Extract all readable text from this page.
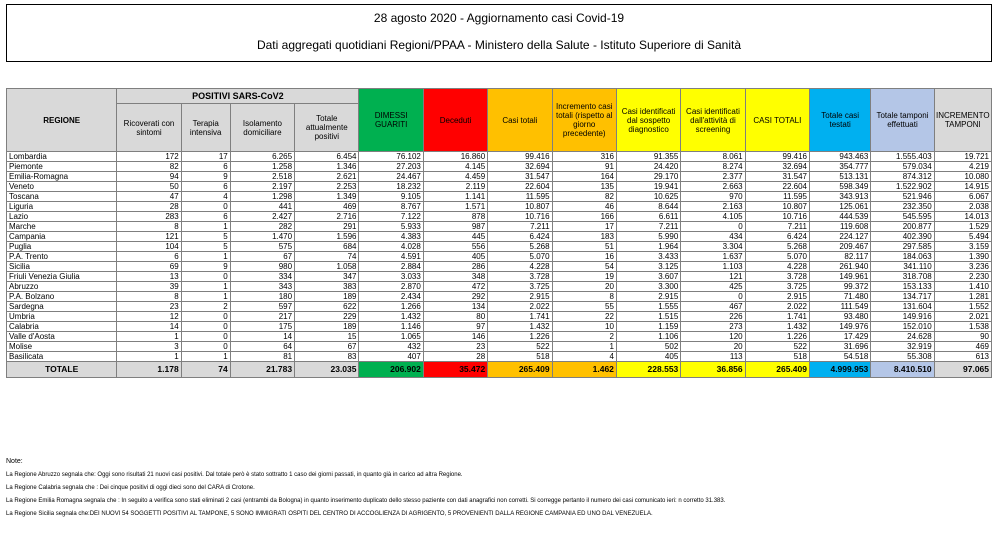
28 agosto 2020 - Aggiornamento casi Covid-19
Dati aggregati quotidiani Regioni/PPAA - Ministero della Salute - Istituto Superiore di Sanità
REGIONE	POSITIVI SARS-CoV2				DIMESSI GUARITI	Deceduti	Casi totali	Incremento casi totali (rispetto al giorno precedente)	Casi identificati dal sospetto diagnostico	Casi identificati dall'attività di screening	CASI TOTALI	Totale casi testati	Totale tamponi effettuati	INCREMENTO TAMPONI
	Ricoverati con sintomi	Terapia intensiva	Isolamento domiciliare	Totale attualmente positivi										
Lombardia	172	17	6.265	6.454	76.102	16.860	99.416	316	91.355	8.061	99.416	943.463	1.555.403	19.721
Piemonte	82	6	1.258	1.346	27.203	4.145	32.694	91	24.420	8.274	32.694	354.777	579.034	4.219
Emilia-Romagna	94	9	2.518	2.621	24.467	4.459	31.547	164	29.170	2.377	31.547	513.131	874.312	10.080
Veneto	50	6	2.197	2.253	18.232	2.119	22.604	135	19.941	2.663	22.604	598.349	1.522.902	14.915
Toscana	47	4	1.298	1.349	9.105	1.141	11.595	82	10.625	970	11.595	343.913	521.946	6.067
Liguria	28	0	441	469	8.767	1.571	10.807	46	8.644	2.163	10.807	125.061	232.350	2.038
Lazio	283	6	2.427	2.716	7.122	878	10.716	166	6.611	4.105	10.716	444.539	545.595	14.013
Marche	8	1	282	291	5.933	987	7.211	17	7.211	0	7.211	119.608	200.877	1.529
Campania	121	5	1.470	1.596	4.383	445	6.424	183	5.990	434	6.424	224.127	402.390	5.494
Puglia	104	5	575	684	4.028	556	5.268	51	1.964	3.304	5.268	209.467	297.585	3.159
P.A. Trento	6	1	67	74	4.591	405	5.070	16	3.433	1.637	5.070	82.117	184.063	1.390
Sicilia	69	9	980	1.058	2.884	286	4.228	54	3.125	1.103	4.228	261.940	341.110	3.236
Friuli Venezia Giulia	13	0	334	347	3.033	348	3.728	19	3.607	121	3.728	149.961	318.708	2.230
Abruzzo	39	1	343	383	2.870	472	3.725	20	3.300	425	3.725	99.372	153.133	1.410
P.A. Bolzano	8	1	180	189	2.434	292	2.915	8	2.915	0	2.915	71.480	134.717	1.281
Sardegna	23	2	597	622	1.266	134	2.022	55	1.555	467	2.022	111.549	131.604	1.552
Umbria	12	0	217	229	1.432	80	1.741	22	1.515	226	1.741	93.480	149.916	2.021
Calabria	14	0	175	189	1.146	97	1.432	10	1.159	273	1.432	149.976	152.010	1.538
Valle d'Aosta	1	0	14	15	1.065	146	1.226	2	1.106	120	1.226	17.429	24.628	90
Molise	3	0	64	67	432	23	522	1	502	20	522	31.696	32.919	469
Basilicata	1	1	81	83	407	28	518	4	405	113	518	54.518	55.308	613
TOTALE	1.178	74	21.783	23.035	206.902	35.472	265.409	1.462	228.553	36.856	265.409	4.999.953	8.410.510	97.065
Note:
La Regione Abruzzo segnala che: Oggi sono risultati 21 nuovi casi positivi. Dal totale però è stato sottratto 1 caso dei giorni passati, in quanto già in carico ad altra Regione.
La Regione Calabria segnala che : Dei cinque positivi di oggi dieci sono del CARA di Crotone.
La Regione Emilia Romagna segnala che : In seguito a verifica sono stati eliminati 2 casi (entrambi da Bologna) in quanto inserimento duplicato dello stesso paziente con dati anagrafici non corretti. Si corregge pertanto il numero dei casi comunicato ieri: n corretto 31.383.
La Regione Sicilia segnala che:DEI NUOVI 54 SOGGETTI POSITIVI AL TAMPONE, 5 SONO IMMIGRATI OSPITI DEL CENTRO DI ACCOGLIENZA DI AGRIGENTO, 5 PROVENIENTI DALLA REGIONE CAMPANIA ED UNO DAL VENEZUELA.
